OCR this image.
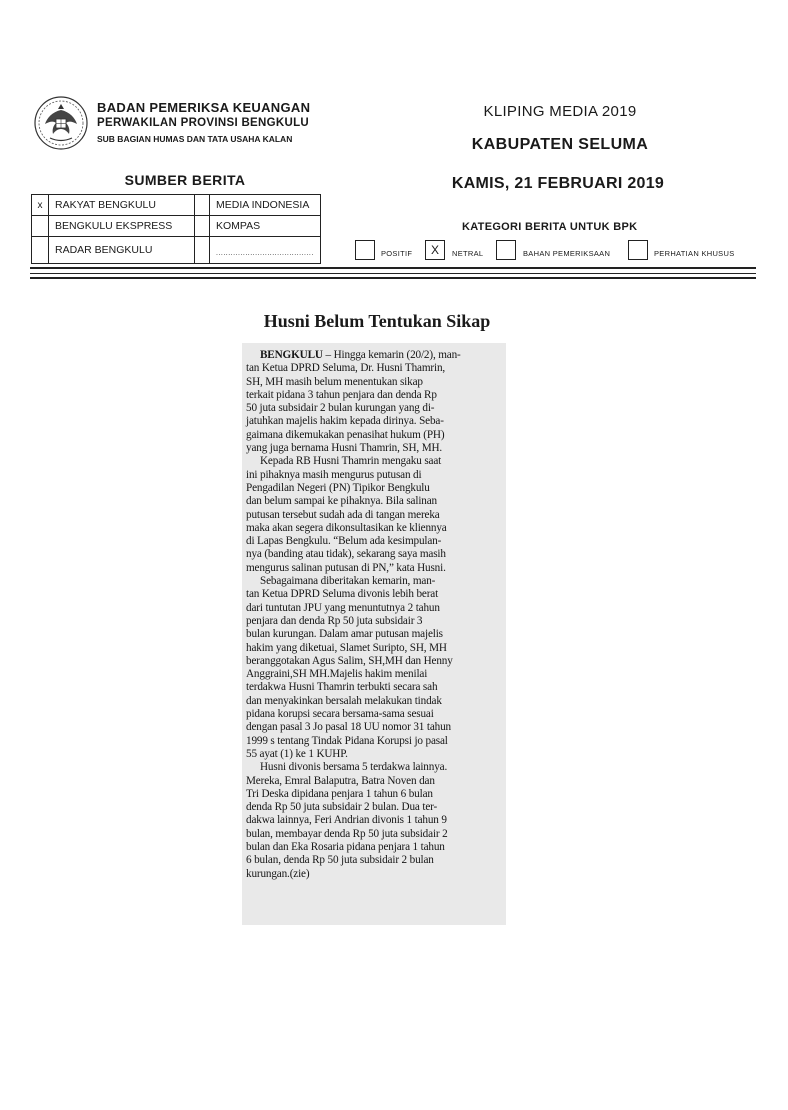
BADAN PEMERIKSA KEUANGAN
PERWAKILAN PROVINSI BENGKULU
SUB BAGIAN HUMAS DAN TATA USAHA KALAN
KLIPING MEDIA 2019
KABUPATEN SELUMA
KAMIS, 21 FEBRUARI 2019
SUMBER BERITA
x	RAKYAT BENGKULU		MEDIA INDONESIA
	BENGKULU EKSPRESS		KOMPAS
	RADAR BENGKULU		........................................
KATEGORI BERITA UNTUK BPK
POSITIF	X	NETRAL	BAHAN PEMERIKSAAN	PERHATIAN KHUSUS
Husni Belum Tentukan Sikap

BENGKULU – Hingga kemarin (20/2), man-
tan Ketua DPRD Seluma, Dr. Husni Thamrin,
SH, MH masih belum menentukan sikap
terkait pidana 3 tahun penjara dan denda Rp
50 juta subsidair 2 bulan kurungan yang di-
jatuhkan majelis hakim kepada dirinya. Seba-
gaimana dikemukakan penasihat hukum (PH)
yang juga bernama Husni Thamrin, SH, MH.

Kepada RB Husni Thamrin mengaku saat
ini pihaknya masih mengurus putusan di
Pengadilan Negeri (PN) Tipikor Bengkulu
dan belum sampai ke pihaknya. Bila salinan
putusan tersebut sudah ada di tangan mereka
maka akan segera dikonsultasikan ke kliennya
di Lapas Bengkulu. “Belum ada kesimpulan-
nya (banding atau tidak), sekarang saya masih
mengurus salinan putusan di PN,” kata Husni.

Sebagaimana diberitakan kemarin, man-
tan Ketua DPRD Seluma divonis lebih berat
dari tuntutan JPU yang menuntutnya 2 tahun
penjara dan denda Rp 50 juta subsidair 3
bulan kurungan. Dalam amar putusan majelis
hakim yang diketuai, Slamet Suripto, SH, MH
beranggotakan Agus Salim, SH,MH dan Henny
Anggraini,SH MH.Majelis hakim menilai
terdakwa Husni Thamrin terbukti secara sah
dan menyakinkan bersalah melakukan tindak
pidana korupsi secara bersama-sama sesuai
dengan pasal 3 Jo pasal 18 UU nomor 31 tahun
1999 s tentang Tindak Pidana Korupsi jo pasal
55 ayat (1) ke 1 KUHP.

Husni divonis bersama 5 terdakwa lainnya.
Mereka, Emral Balaputra, Batra Noven dan
Tri Deska dipidana penjara 1 tahun 6 bulan
denda Rp 50 juta subsidair 2 bulan. Dua ter-
dakwa lainnya, Feri Andrian divonis 1 tahun 9
bulan, membayar denda Rp 50 juta subsidair 2
bulan dan Eka Rosaria pidana penjara 1 tahun
6 bulan, denda Rp 50 juta subsidair 2 bulan
kurungan.(zie)
